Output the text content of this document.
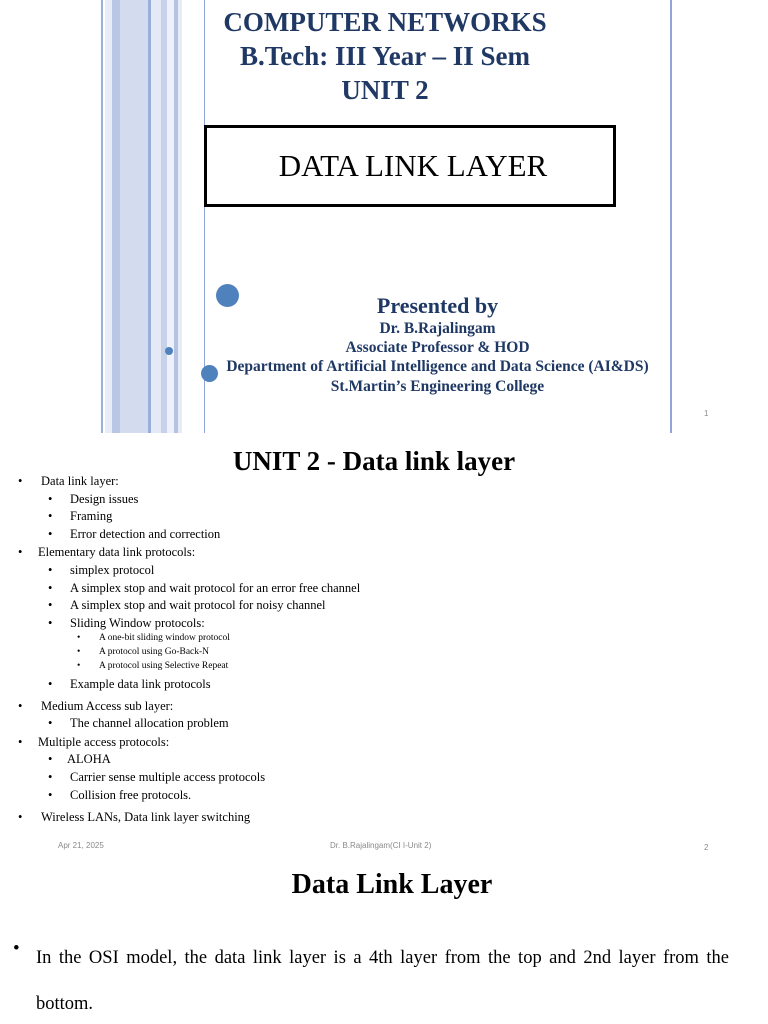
COMPUTER NETWORKS
B.Tech: III Year – II Sem
UNIT 2
DATA LINK LAYER
Presented by
Dr. B.Rajalingam
Associate Professor & HOD
Department of Artificial Intelligence and Data Science (AI&DS)
St.Martin’s Engineering College
1
UNIT 2 - Data link layer
• Data link layer:
• Design issues
• Framing
• Error detection and correction
• Elementary data link protocols:
• simplex protocol
• A simplex stop and wait protocol for an error free channel
• A simplex stop and wait protocol for noisy channel
• Sliding Window protocols:
• A one-bit sliding window protocol
• A protocol using Go-Back-N
• A protocol using Selective Repeat
• Example data link protocols
• Medium Access sub layer:
• The channel allocation problem
• Multiple access protocols:
• ALOHA
• Carrier sense multiple access protocols
• Collision free protocols.
• Wireless LANs, Data link layer switching
Apr 21, 2025	Dr. B.Rajalingam(CI I-Unit 2)	2
Data Link Layer
• In the OSI model, the data link layer is a 4th layer from the top and 2nd layer from the bottom.
